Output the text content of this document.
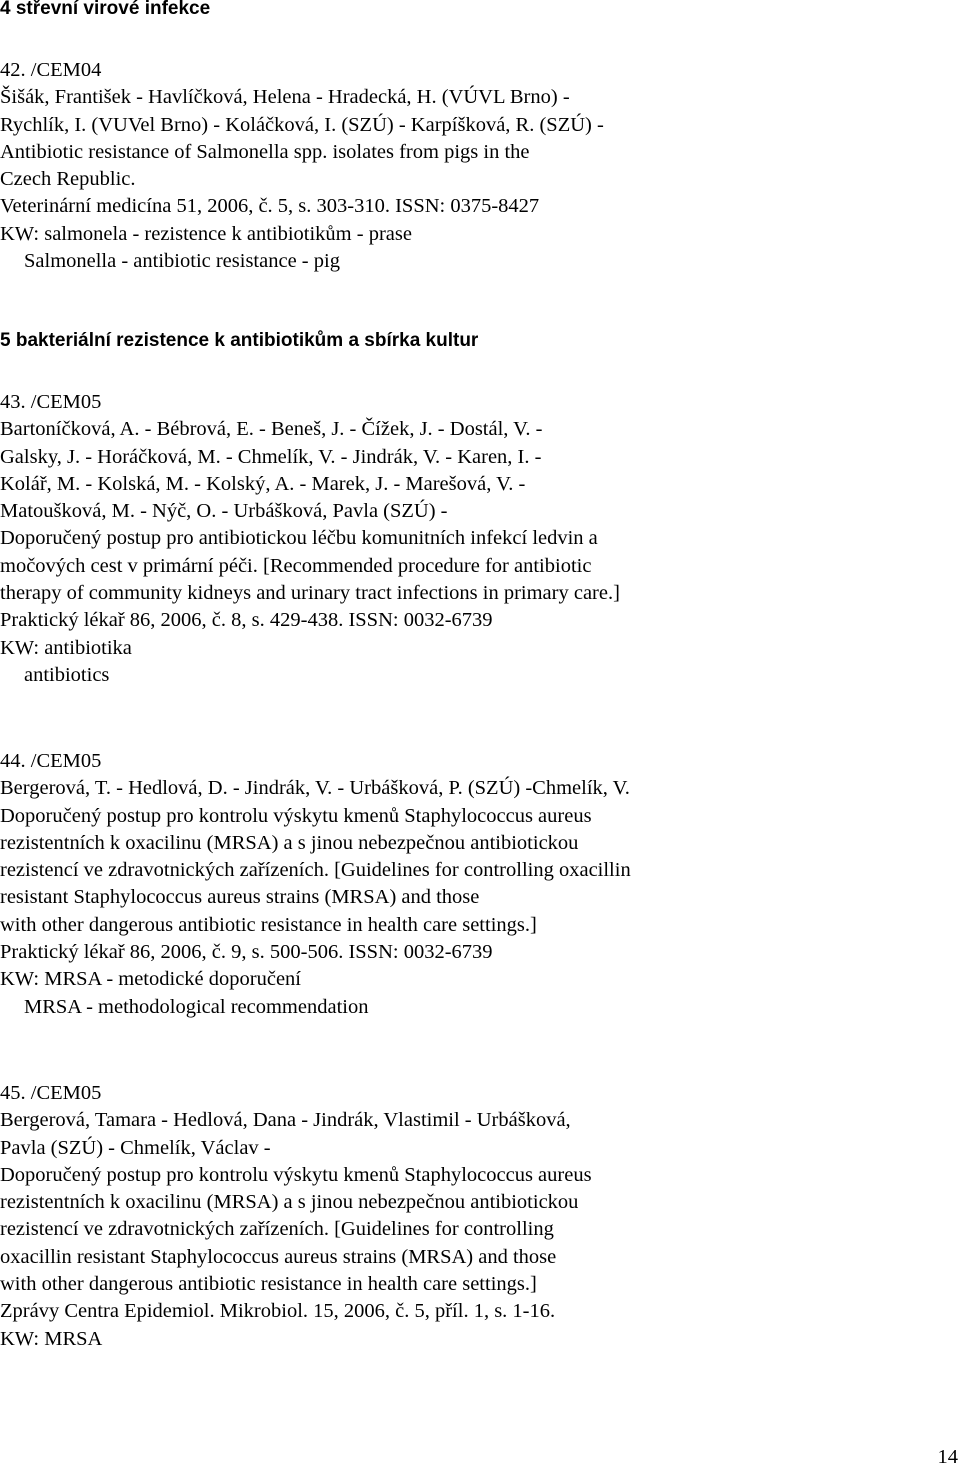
4 střevní virové infekce
42. /CEM04
Šišák, František - Havlíčková, Helena - Hradecká, H. (VÚVL Brno) -
Rychlík, I. (VUVel Brno) - Koláčková, I. (SZÚ) - Karpíšková, R. (SZÚ) -
Antibiotic resistance of Salmonella spp. isolates from pigs in the
Czech Republic.
Veterinární medicína 51, 2006, č. 5, s. 303-310. ISSN: 0375-8427
KW: salmonela - rezistence k antibiotikům - prase
Salmonella - antibiotic resistance - pig
5 bakteriální rezistence k antibiotikům a sbírka kultur
43. /CEM05
Bartoníčková, A. - Bébrová, E. - Beneš, J. - Čížek, J. - Dostál, V. -
Galsky, J. - Horáčková, M. - Chmelík, V. - Jindrák, V. - Karen, I. -
Kolář, M. - Kolská, M. - Kolský, A. - Marek, J. - Marešová, V. -
Matoušková, M. - Nýč, O. - Urbášková, Pavla (SZÚ) -
Doporučený postup pro antibiotickou léčbu komunitních infekcí ledvin a
močových cest v primární péči. [Recommended procedure for antibiotic
therapy of community kidneys and urinary tract infections in primary care.]
Praktický lékař 86, 2006, č. 8, s. 429-438. ISSN: 0032-6739
KW: antibiotika
antibiotics
44. /CEM05
Bergerová, T. - Hedlová, D. - Jindrák, V. - Urbášková, P. (SZÚ) -Chmelík, V.
Doporučený postup pro kontrolu výskytu kmenů Staphylococcus aureus
rezistentních k oxacilinu (MRSA) a s jinou nebezpečnou antibiotickou
rezistencí ve zdravotnických zařízeních. [Guidelines for controlling oxacillin
resistant Staphylococcus aureus strains (MRSA) and those
with other dangerous antibiotic resistance in health care settings.]
Praktický lékař 86, 2006, č. 9, s. 500-506. ISSN: 0032-6739
KW: MRSA - metodické doporučení
MRSA - methodological recommendation
45. /CEM05
Bergerová, Tamara - Hedlová, Dana - Jindrák, Vlastimil - Urbášková,
Pavla (SZÚ) - Chmelík, Václav -
Doporučený postup pro kontrolu výskytu kmenů Staphylococcus aureus
rezistentních k oxacilinu (MRSA) a s jinou nebezpečnou antibiotickou
rezistencí ve zdravotnických zařízeních. [Guidelines for controlling
oxacillin resistant Staphylococcus aureus strains (MRSA) and those
with other dangerous antibiotic resistance in health care settings.]
Zprávy Centra Epidemiol. Mikrobiol. 15, 2006, č. 5, příl. 1, s. 1-16.
KW: MRSA
14
